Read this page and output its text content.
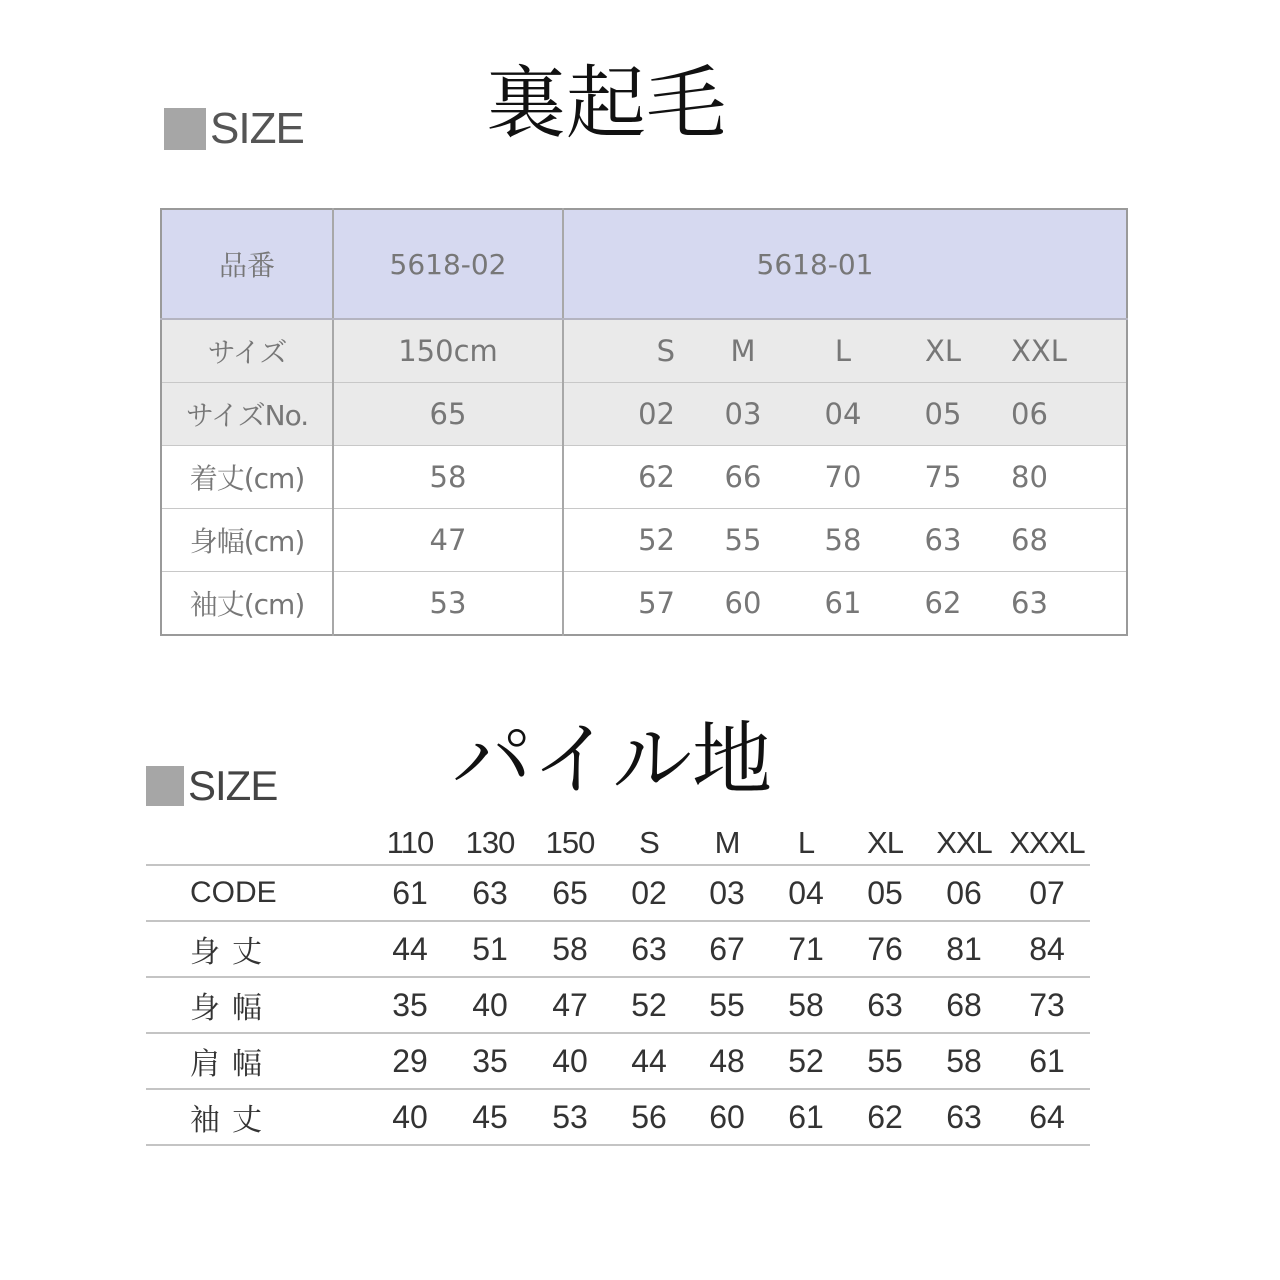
SIZE 裏起毛
品番	5618-02	5618-01				
サイズ	150cm	S	M	L	XL	XXL
サイズNo.	65	02	03	04	05	06
着丈(cm)	58	62	66	70	75	80
身幅(cm)	47	52	55	58	63	68
袖丈(cm)	53	57	60	61	62	63
SIZE パイル地
	110	130	150	S	M	L	XL	XXL	XXXL
CODE	61	63	65	02	03	04	05	06	07
身丈	44	51	58	63	67	71	76	81	84
身幅	35	40	47	52	55	58	63	68	73
肩幅	29	35	40	44	48	52	55	58	61
袖丈	40	45	53	56	60	61	62	63	64
